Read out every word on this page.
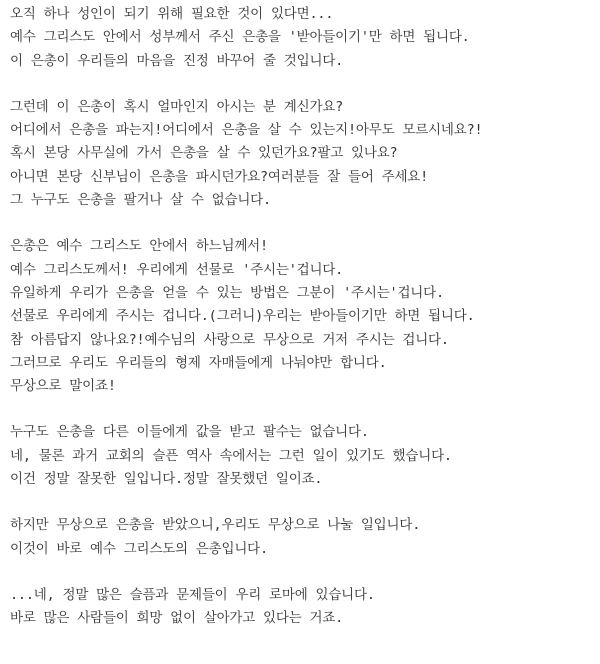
오직 하나 성인이 되기 위해 필요한 것이 있다면...
예수 그리스도 안에서 성부께서 주신 은총을 '받아들이기'만 하면 됩니다.
이 은총이 우리들의 마음을 진정 바꾸어 줄 것입니다.
그런데 이 은총이 혹시 얼마인지 아시는 분 계신가요?
어디에서 은총을 파는지!어디에서 은총을 살 수 있는지!아무도 모르시네요?!
혹시 본당 사무실에 가서 은총을 살 수 있던가요?팔고 있나요?
아니면 본당 신부님이 은총을 파시던가요?여러분들 잘 들어 주세요!
그 누구도 은총을 팔거나 살 수 없습니다.
은총은 예수 그리스도 안에서 하느님께서!
예수 그리스도께서! 우리에게 선물로 '주시는'겁니다.
유일하게 우리가 은총을 얻을 수 있는 방법은 그분이 '주시는'겁니다.
선물로 우리에게 주시는 겁니다.(그러니)우리는 받아들이기만 하면 됩니다.
참 아름답지 않나요?!예수님의 사랑으로 무상으로 거저 주시는 겁니다.
그러므로 우리도 우리들의 형제 자매들에게 나눠야만 합니다.
무상으로 말이죠!
누구도 은총을 다른 이들에게 값을 받고 팔수는 없습니다.
네, 물론 과거 교회의 슬픈 역사 속에서는 그런 일이 있기도 했습니다.
이건 정말 잘못한 일입니다.정말 잘못했던 일이죠.
하지만 무상으로 은총을 받았으니,우리도 무상으로 나눌 일입니다.
이것이 바로 예수 그리스도의 은총입니다.
...네, 정말 많은 슬픔과 문제들이 우리 로마에 있습니다.
바로 많은 사람들이 희망 없이 살아가고 있다는 거죠.
